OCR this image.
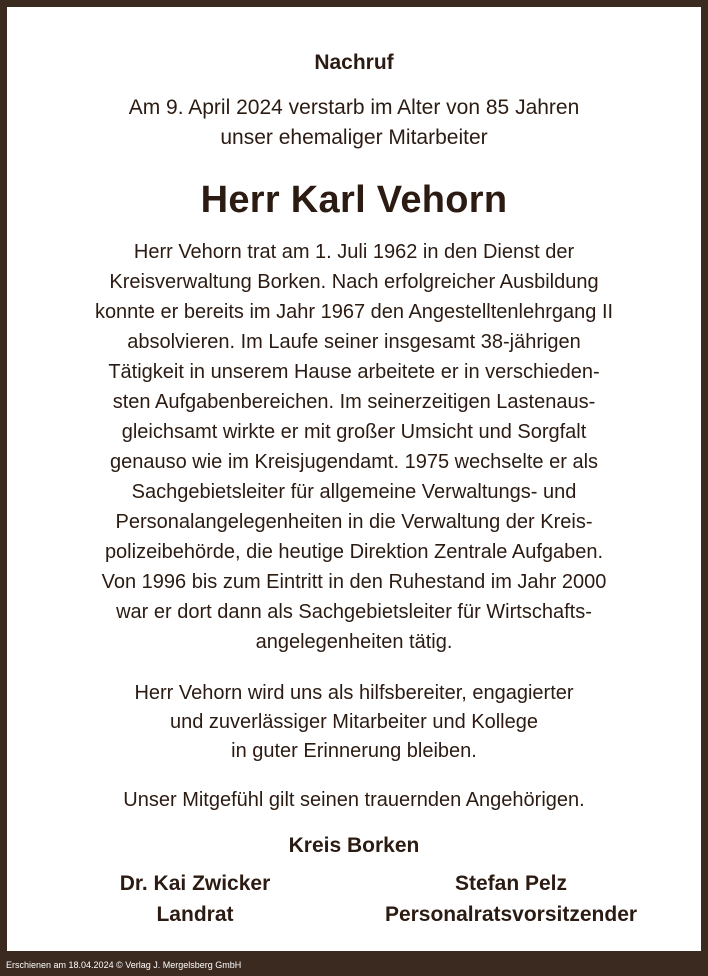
Nachruf
Am 9. April 2024 verstarb im Alter von 85 Jahren
unser ehemaliger Mitarbeiter
Herr Karl Vehorn
Herr Vehorn trat am 1. Juli 1962 in den Dienst der
Kreisverwaltung Borken. Nach erfolgreicher Ausbildung
konnte er bereits im Jahr 1967 den Angestelltenlehrgang II
absolvieren. Im Laufe seiner insgesamt 38-jährigen
Tätigkeit in unserem Hause arbeitete er in verschieden-
sten Aufgabenbereichen. Im seinerzeitigen Lastenaus-
gleichsamt wirkte er mit großer Umsicht und Sorgfalt
genauso wie im Kreisjugendamt. 1975 wechselte er als
Sachgebietsleiter für allgemeine Verwaltungs- und
Personalangelegenheiten in die Verwaltung der Kreis-
polizeibehörde, die heutige Direktion Zentrale Aufgaben.
Von 1996 bis zum Eintritt in den Ruhestand im Jahr 2000
war er dort dann als Sachgebietsleiter für Wirtschafts-
angelegenheiten tätig.
Herr Vehorn wird uns als hilfsbereiter, engagierter
und zuverlässiger Mitarbeiter und Kollege
in guter Erinnerung bleiben.
Unser Mitgefühl gilt seinen trauernden Angehörigen.
Kreis Borken
Dr. Kai Zwicker
Landrat
Stefan Pelz
Personalratsvorsitzender
Erschienen am 18.04.2024 © Verlag J. Mergelsberg GmbH
